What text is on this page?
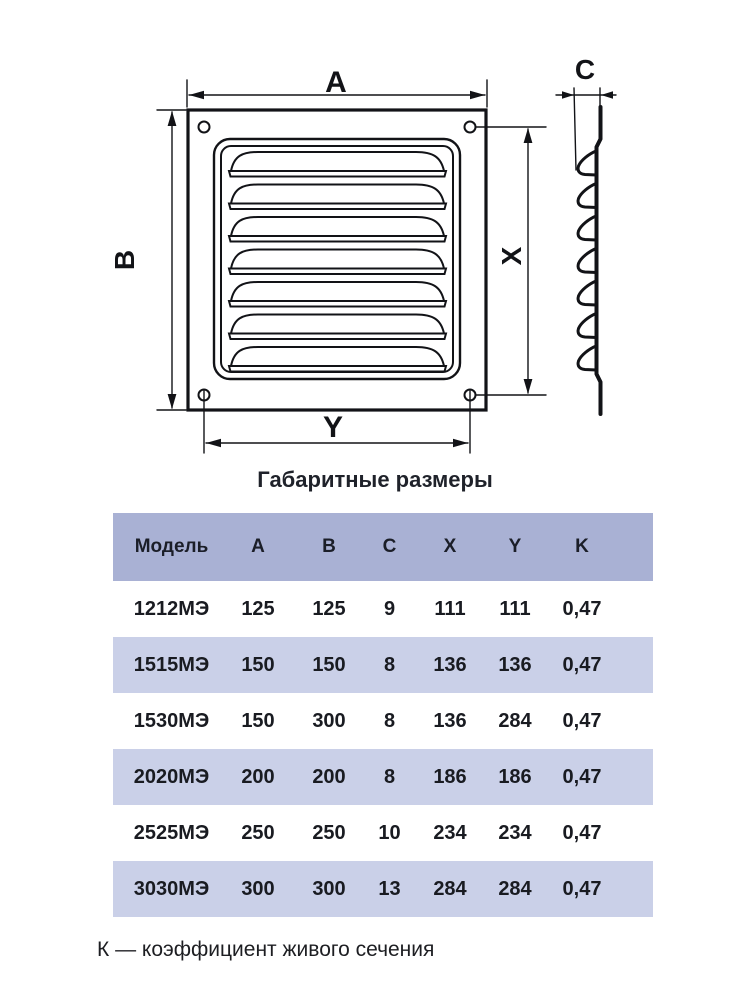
A
B
C
X
Y
Габаритные размеры
Модель	A	B	C	X	Y	K
1212МЭ	125	125	9	111	111	0,47
1515МЭ	150	150	8	136	136	0,47
1530МЭ	150	300	8	136	284	0,47
2020МЭ	200	200	8	186	186	0,47
2525МЭ	250	250	10	234	234	0,47
3030МЭ	300	300	13	284	284	0,47
К — коэффициент живого сечения
